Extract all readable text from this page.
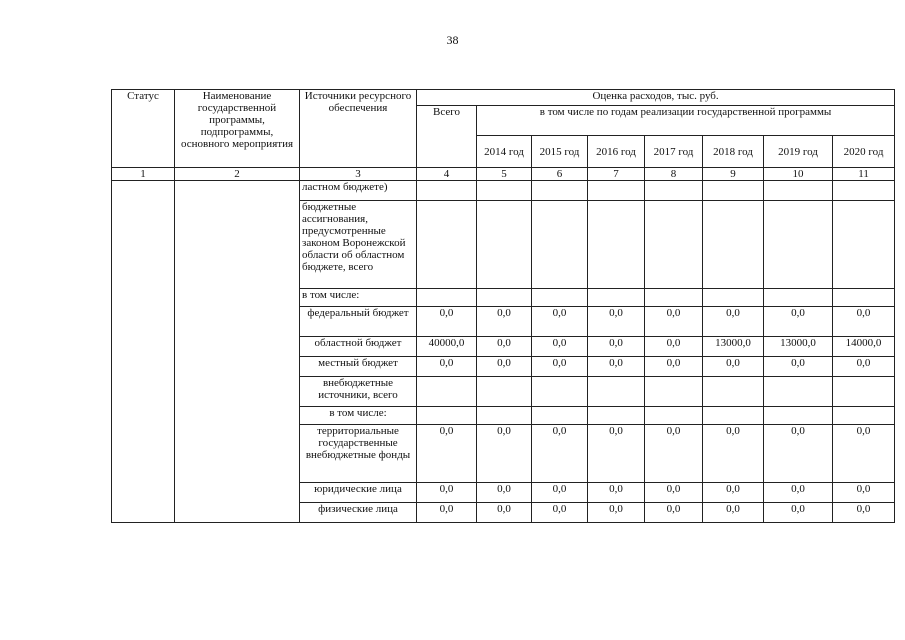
38
Статус	Наименование государственной программы, подпрограммы, основного мероприятия	Источники ресурсного обеспечения	Оценка расходов, тыс. руб.							
			Всего	в том числе по годам реализации государственной программы						
				2014 год	2015 год	2016 год	2017 год	2018 год	2019 год	2020 год
1	2	3	4	5	6	7	8	9	10	11
		ластном бюджете)								
		бюджетные ассигнования, предусмотренные законом Воронежской области об областном бюджете, всего								
		в том числе:								
		федеральный бюджет	0,0	0,0	0,0	0,0	0,0	0,0	0,0	0,0
		областной бюджет	40000,0	0,0	0,0	0,0	0,0	13000,0	13000,0	14000,0
		местный бюджет	0,0	0,0	0,0	0,0	0,0	0,0	0,0	0,0
		внебюджетные источники, всего								
		в том числе:								
		территориальные государственные внебюджетные фонды	0,0	0,0	0,0	0,0	0,0	0,0	0,0	0,0
		юридические лица	0,0	0,0	0,0	0,0	0,0	0,0	0,0	0,0
		физические лица	0,0	0,0	0,0	0,0	0,0	0,0	0,0	0,0
